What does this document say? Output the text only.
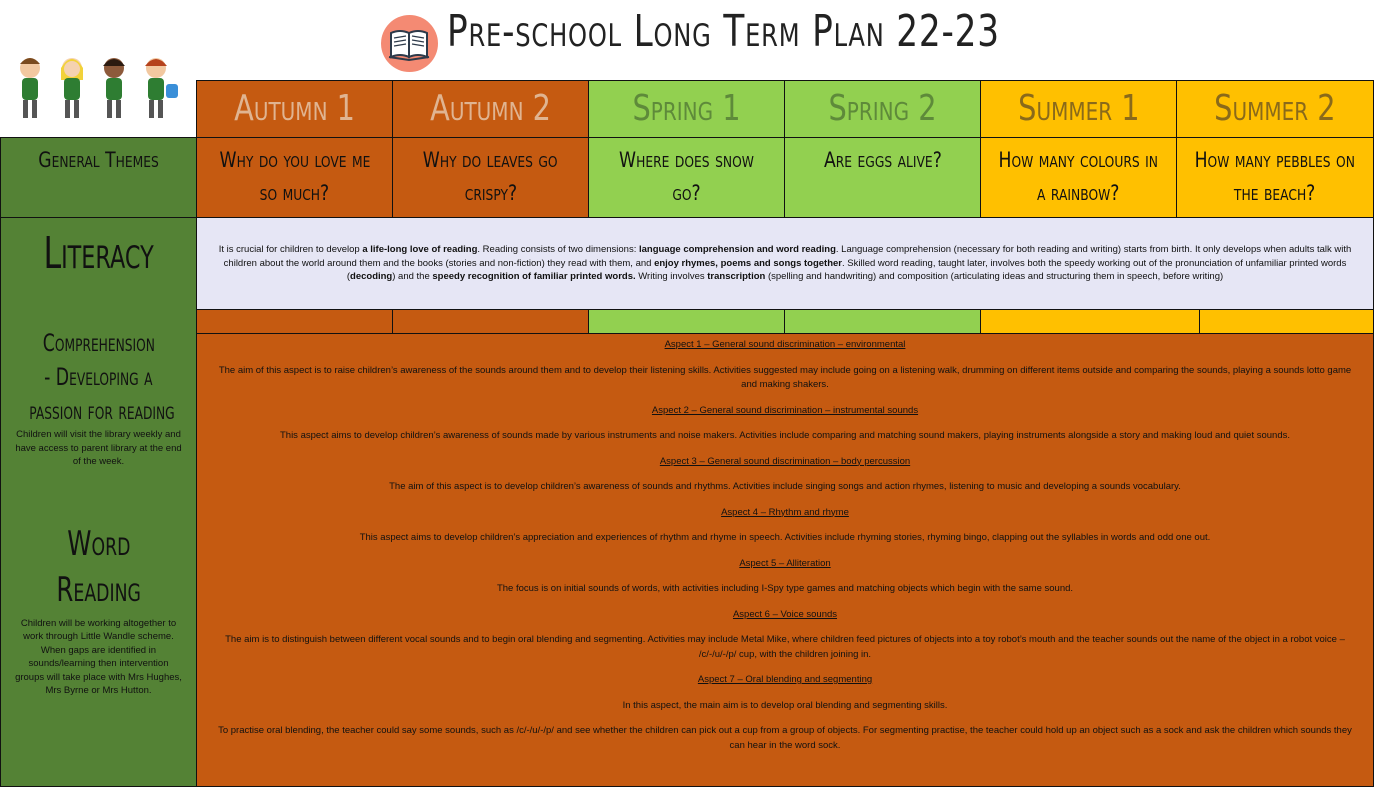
Pre-school Long Term Plan 22-23
Autumn 1 Autumn 2 Spring 1 Spring 2 Summer 1 Summer 2
General Themes	Why do you love me
so much?
Why do leaves go
crispy?
Where does snow go?
Are eggs alive?	How many colours in
a rainbow?
How many pebbles on
the beach?
Literacy
Comprehension
- Developing a
passion for reading
Children will visit the library weekly and have access to parent library at the end of the week.
Word
Reading
Children will be working altogether to work through Little Wandle scheme. When gaps are identified in sounds/learning then intervention groups will take place with Mrs Hughes, Mrs Byrne or Mrs Hutton.
It is crucial for children to develop a life-long love of reading. Reading consists of two dimensions: language comprehension and word reading. Language comprehension (necessary for both reading and writing) starts from birth. It only develops when adults talk with children about the world around them and the books (stories and non-fiction) they read with them, and enjoy rhymes, poems and songs together. Skilled word reading, taught later, involves both the speedy working out of the pronunciation of unfamiliar printed words (decoding) and the speedy recognition of familiar printed words. Writing involves transcription (spelling and handwriting) and composition (articulating ideas and structuring them in speech, before writing)
Aspect 1 – General sound discrimination – environmental
The aim of this aspect is to raise children’s awareness of the sounds around them and to develop their listening skills. Activities suggested may include going on a listening walk, drumming on different items outside and comparing the sounds, playing a sounds lotto game and making shakers.
Aspect 2 – General sound discrimination – instrumental sounds
This aspect aims to develop children’s awareness of sounds made by various instruments and noise makers. Activities include comparing and matching sound makers, playing instruments alongside a story and making loud and quiet sounds.
Aspect 3 – General sound discrimination – body percussion
The aim of this aspect is to develop children’s awareness of sounds and rhythms. Activities include singing songs and action rhymes, listening to music and developing a sounds vocabulary.
Aspect 4 – Rhythm and rhyme
This aspect aims to develop children’s appreciation and experiences of rhythm and rhyme in speech. Activities include rhyming stories, rhyming bingo, clapping out the syllables in words and odd one out.
Aspect 5 – Alliteration
The focus is on initial sounds of words, with activities including I-Spy type games and matching objects which begin with the same sound.
Aspect 6 – Voice sounds
The aim is to distinguish between different vocal sounds and to begin oral blending and segmenting. Activities may include Metal Mike, where children feed pictures of objects into a toy robot’s mouth and the teacher sounds out the name of the object in a robot voice – /c/-/u/-/p/ cup, with the children joining in.
Aspect 7 – Oral blending and segmenting
In this aspect, the main aim is to develop oral blending and segmenting skills.
To practise oral blending, the teacher could say some sounds, such as /c/-/u/-/p/ and see whether the children can pick out a cup from a group of objects. For segmenting practise, the teacher could hold up an object such as a sock and ask the children which sounds they can hear in the word sock.
